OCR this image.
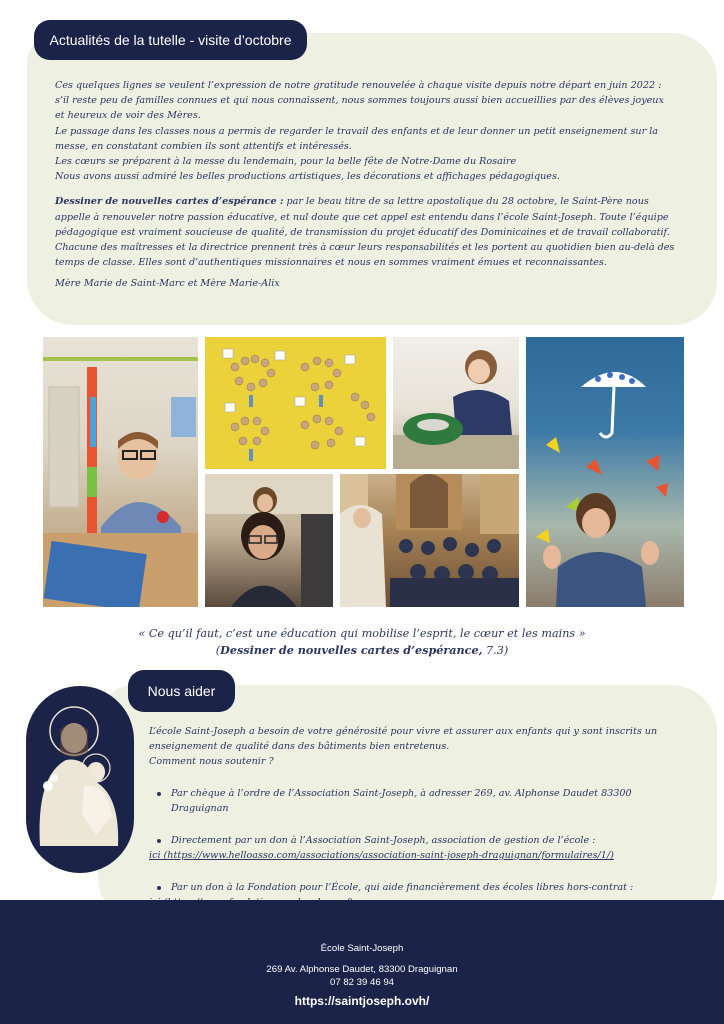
Actualités de la tutelle - visite d’octobre

Ces quelques lignes se veulent l’expression de notre gratitude renouvelée à chaque visite depuis notre départ en juin 2022 : s’il reste peu de familles connues et qui nous connaissent, nous sommes toujours aussi bien accueillies par des élèves joyeux et heureux de voir des Mères.

Le passage dans les classes nous a permis de regarder le travail des enfants et de leur donner un petit enseignement sur la messe, en constatant combien ils sont attentifs et intéressés.

Les cœurs se préparent à la messe du lendemain, pour la belle fête de Notre-Dame du Rosaire

Nous avons aussi admiré les belles productions artistiques, les décorations et affichages pédagogiques.

Dessiner de nouvelles cartes d’espérance : par le beau titre de sa lettre apostolique du 28 octobre, le Saint-Père nous appelle à renouveler notre passion éducative, et nul doute que cet appel est entendu dans l’école Saint-Joseph. Toute l’équipe pédagogique est vraiment soucieuse de qualité, de transmission du projet éducatif des Dominicaines et de travail collaboratif. Chacune des maîtresses et la directrice prennent très à cœur leurs responsabilités et les portent au quotidien bien au-delà des temps de classe. Elles sont d’authentiques missionnaires et nous en sommes vraiment émues et reconnaissantes.

Mère Marie de Saint-Marc et Mère Marie-Alix

« Ce qu’il faut, c’est une éducation qui mobilise l’esprit, le cœur et les mains »

(Dessiner de nouvelles cartes d’espérance, 7.3)

Nous aider

L’école Saint-Joseph a besoin de votre générosité pour vivre et assurer aux enfants qui y sont inscrits un enseignement de qualité dans des bâtiments bien entretenus.

Comment nous soutenir ?

Par chèque à l’ordre de l’Association Saint-Joseph, à adresser 269, av. Alphonse Daudet 83300 Draguignan

Directement par un don à l’Association Saint-Joseph, association de gestion de l’école :
ici (https://www.helloasso.com/associations/association-saint-joseph-draguignan/formulaires/1/)

Par un don à la Fondation pour l’École, qui aide financièrement des écoles libres hors-contrat :

École Saint-Joseph
269 Av. Alphonse Daudet, 83300 Draguignan
07 82 39 46 94
https://saintjoseph.ovh/
